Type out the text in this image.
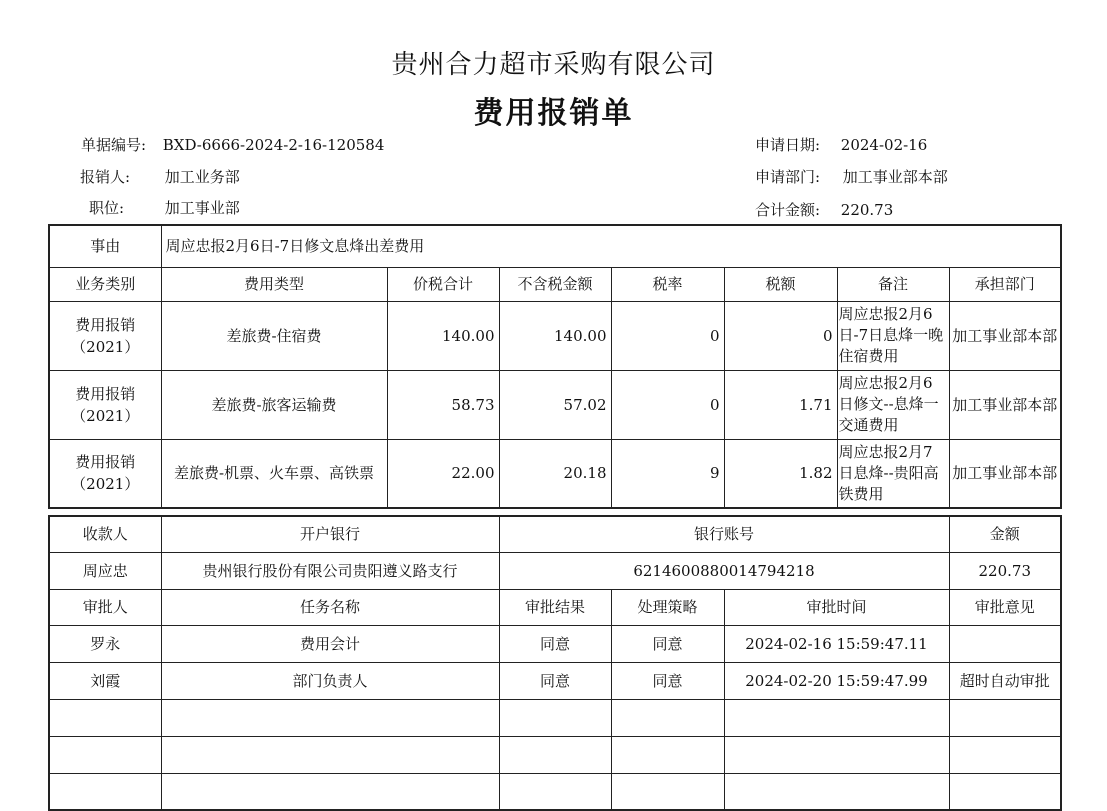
贵州合力超市采购有限公司
费用报销单
单据编号: BXD-6666-2024-2-16-120584
报销人: 加工业务部
职位:	加工事业部
申请日期: 2024-02-16
申请部门: 加工事业部本部
合计金额: 220.73
事由	周应忠报2月6日-7日修文息烽出差费用						
业务类别	费用类型	价税合计	不含税金额	税率	税额	备注	承担部门
费用报销（2021）	差旅费-住宿费	140.00	140.00	0	0	周应忠报2月6日-7日息烽一晚住宿费用	加工事业部本部
费用报销（2021）	差旅费-旅客运输费	58.73	57.02	0	1.71	周应忠报2月6日修文--息烽一交通费用	加工事业部本部
费用报销（2021）	差旅费-机票、火车票、高铁票	22.00	20.18	9	1.82	周应忠报2月7日息烽--贵阳高铁费用	加工事业部本部
收款人	开户银行	银行账号			金额
周应忠	贵州银行股份有限公司贵阳遵义路支行	6214600880014794218			220.73
审批人	任务名称	审批结果	处理策略	审批时间	审批意见
罗永	费用会计	同意	同意	2024-02-16 15:59:47.11	
刘霞	部门负责人	同意	同意	2024-02-20 15:59:47.99	超时自动审批
